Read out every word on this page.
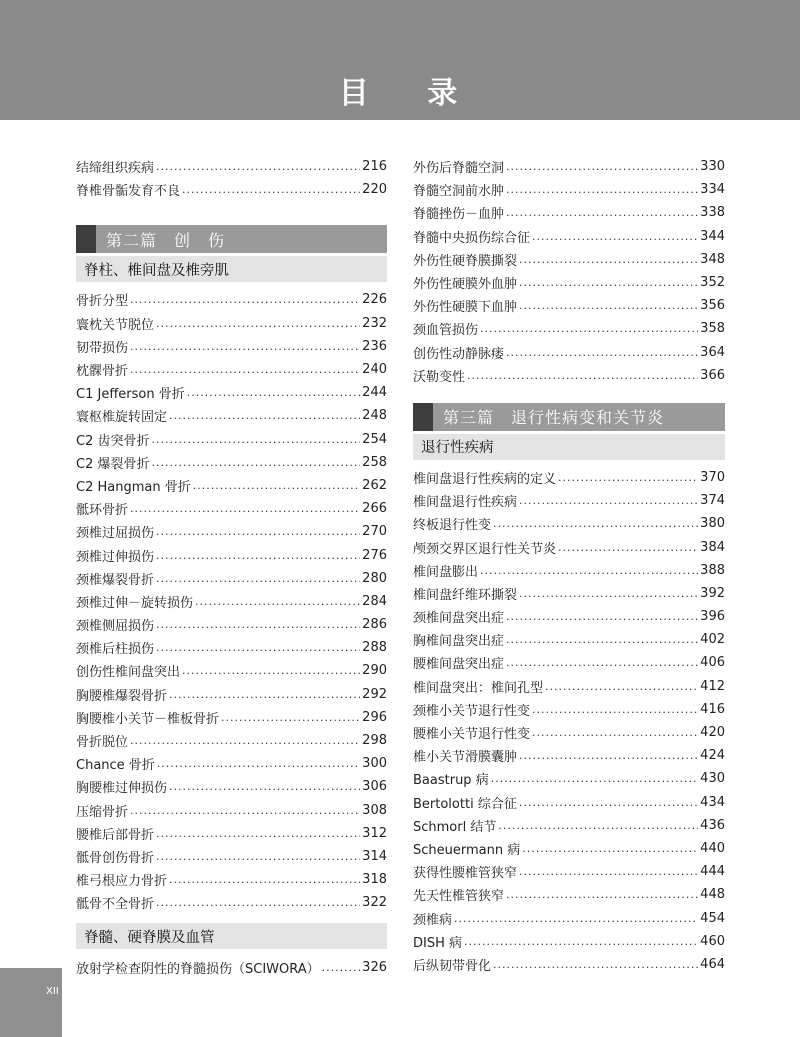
目 录
XII
结缔组织疾病 .....	216
脊椎骨骺发育不良 .....	220
第二篇　创　伤
脊柱、椎间盘及椎旁肌
骨折分型 .....	226
寰枕关节脱位 .....	232
韧带损伤 .....	236
枕髁骨折 .....	240
C1 Jefferson 骨折 .....	244
寰枢椎旋转固定 .....	248
C2 齿突骨折 .....	254
C2 爆裂骨折 .....	258
C2 Hangman 骨折 .....	262
骶环骨折 .....	266
颈椎过屈损伤 .....	270
颈椎过伸损伤 .....	276
颈椎爆裂骨折 .....	280
颈椎过伸－旋转损伤 .....	284
颈椎侧屈损伤 .....	286
颈椎后柱损伤 .....	288
创伤性椎间盘突出 .....	290
胸腰椎爆裂骨折 .....	292
胸腰椎小关节－椎板骨折 .....	296
骨折脱位 .....	298
Chance 骨折 .....	300
胸腰椎过伸损伤 .....	306
压缩骨折 .....	308
腰椎后部骨折 .....	312
骶骨创伤骨折 .....	314
椎弓根应力骨折 .....	318
骶骨不全骨折 .....	322
脊髓、硬脊膜及血管
放射学检查阴性的脊髓损伤（SCIWORA） .....	326
外伤后脊髓空洞 .....	330
脊髓空洞前水肿 .....	334
脊髓挫伤－血肿 .....	338
脊髓中央损伤综合征 .....	344
外伤性硬脊膜撕裂 .....	348
外伤性硬膜外血肿 .....	352
外伤性硬膜下血肿 .....	356
颈血管损伤 .....	358
创伤性动静脉瘘 .....	364
沃勒变性 .....	366
第三篇　退行性病变和关节炎
退行性疾病
椎间盘退行性疾病的定义 .....	370
椎间盘退行性疾病 .....	374
终板退行性变 .....	380
颅颈交界区退行性关节炎 .....	384
椎间盘膨出 .....	388
椎间盘纤维环撕裂 .....	392
颈椎间盘突出症 .....	396
胸椎间盘突出症 .....	402
腰椎间盘突出症 .....	406
椎间盘突出：椎间孔型 .....	412
颈椎小关节退行性变 .....	416
腰椎小关节退行性变 .....	420
椎小关节滑膜囊肿 .....	424
Baastrup 病 .....	430
Bertolotti 综合征 .....	434
Schmorl 结节 .....	436
Scheuermann 病 .....	440
获得性腰椎管狭窄 .....	444
先天性椎管狭窄 .....	448
颈椎病 .....	454
DISH 病 .....	460
后纵韧带骨化 .....	464
